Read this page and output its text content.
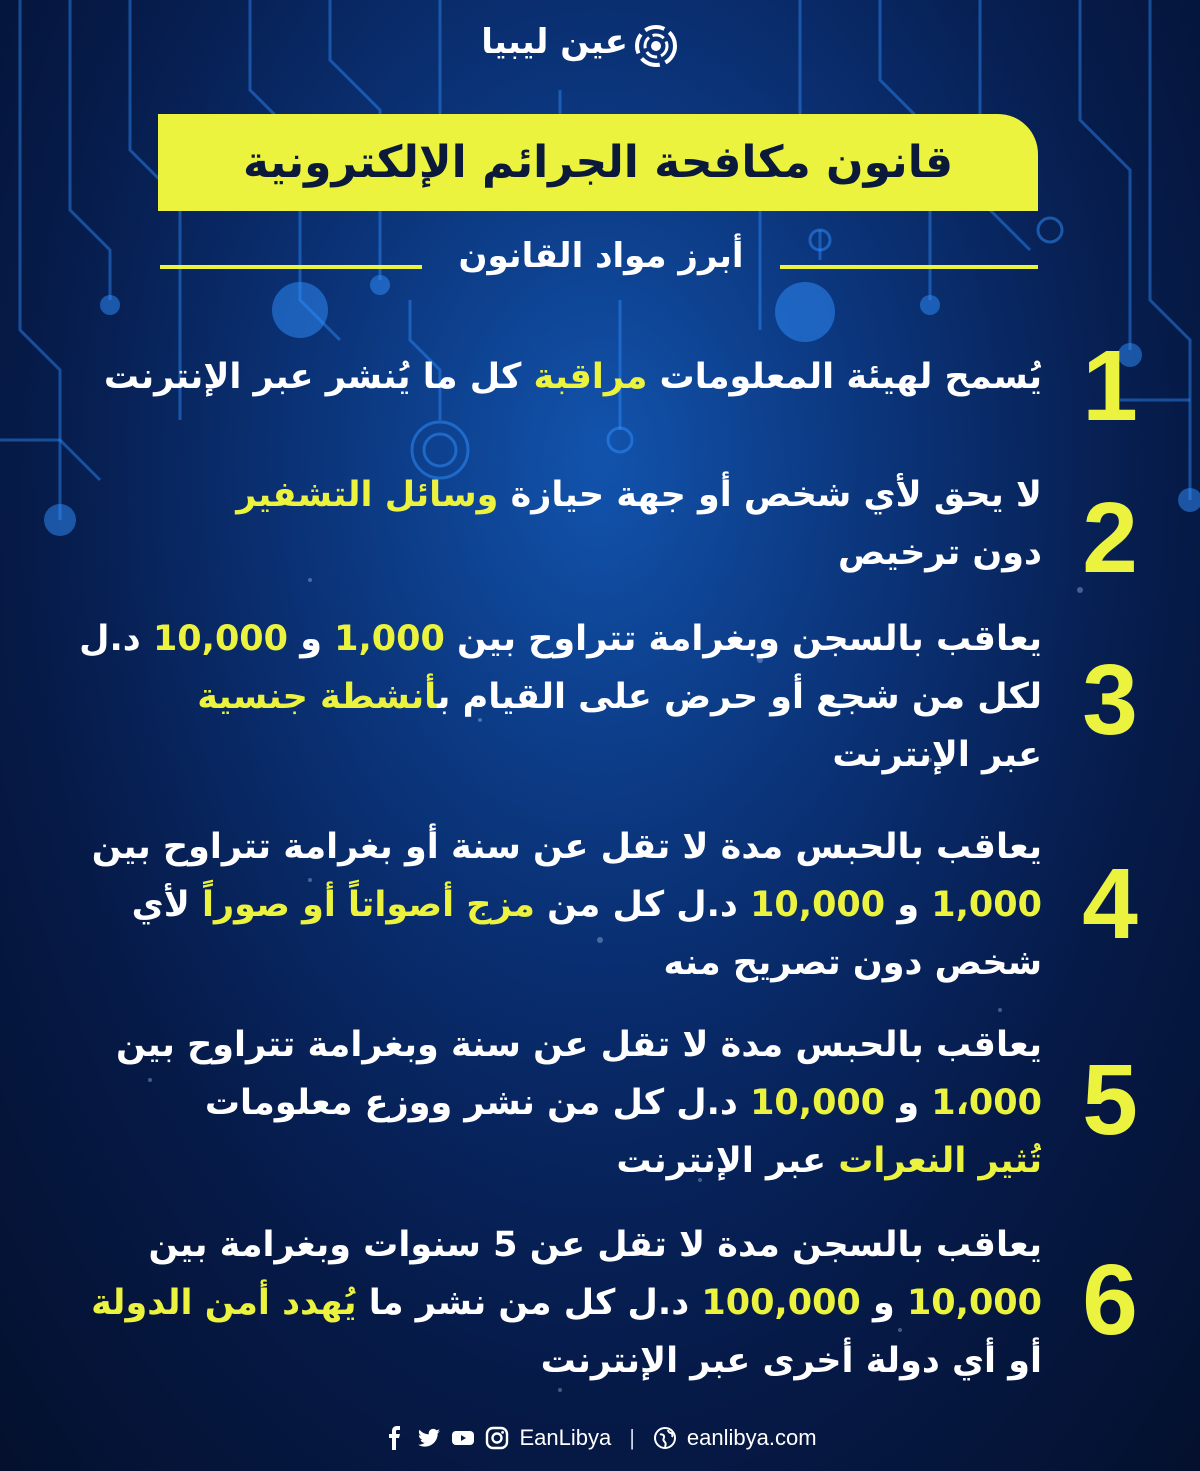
عين ليبيا
قانون مكافحة الجرائم الإلكترونية
أبرز مواد القانون
1
يُسمح لهيئة المعلومات مراقبة كل ما يُنشر عبر الإنترنت
2
لا يحق لأي شخص أو جهة حيازة وسائل التشفير
دون ترخيص
3
يعاقب بالسجن وبغرامة تتراوح بين 1,000 و 10,000 د.ل
لكل من شجع أو حرض على القيام بأنشطة جنسية
عبر الإنترنت
4
يعاقب بالحبس مدة لا تقل عن سنة أو بغرامة تتراوح بين
1,000 و 10,000 د.ل كل من مزج أصواتاً أو صوراً لأي
شخص دون تصريح منه
5
يعاقب بالحبس مدة لا تقل عن سنة وبغرامة تتراوح بين
1،000 و 10,000 د.ل كل من نشر ووزع معلومات
تُثير النعرات عبر الإنترنت
6
يعاقب بالسجن مدة لا تقل عن 5 سنوات وبغرامة بين
10,000 و 100,000 د.ل كل من نشر ما يُهدد أمن الدولة
أو أي دولة أخرى عبر الإنترنت
EanLibya | eanlibya.com
